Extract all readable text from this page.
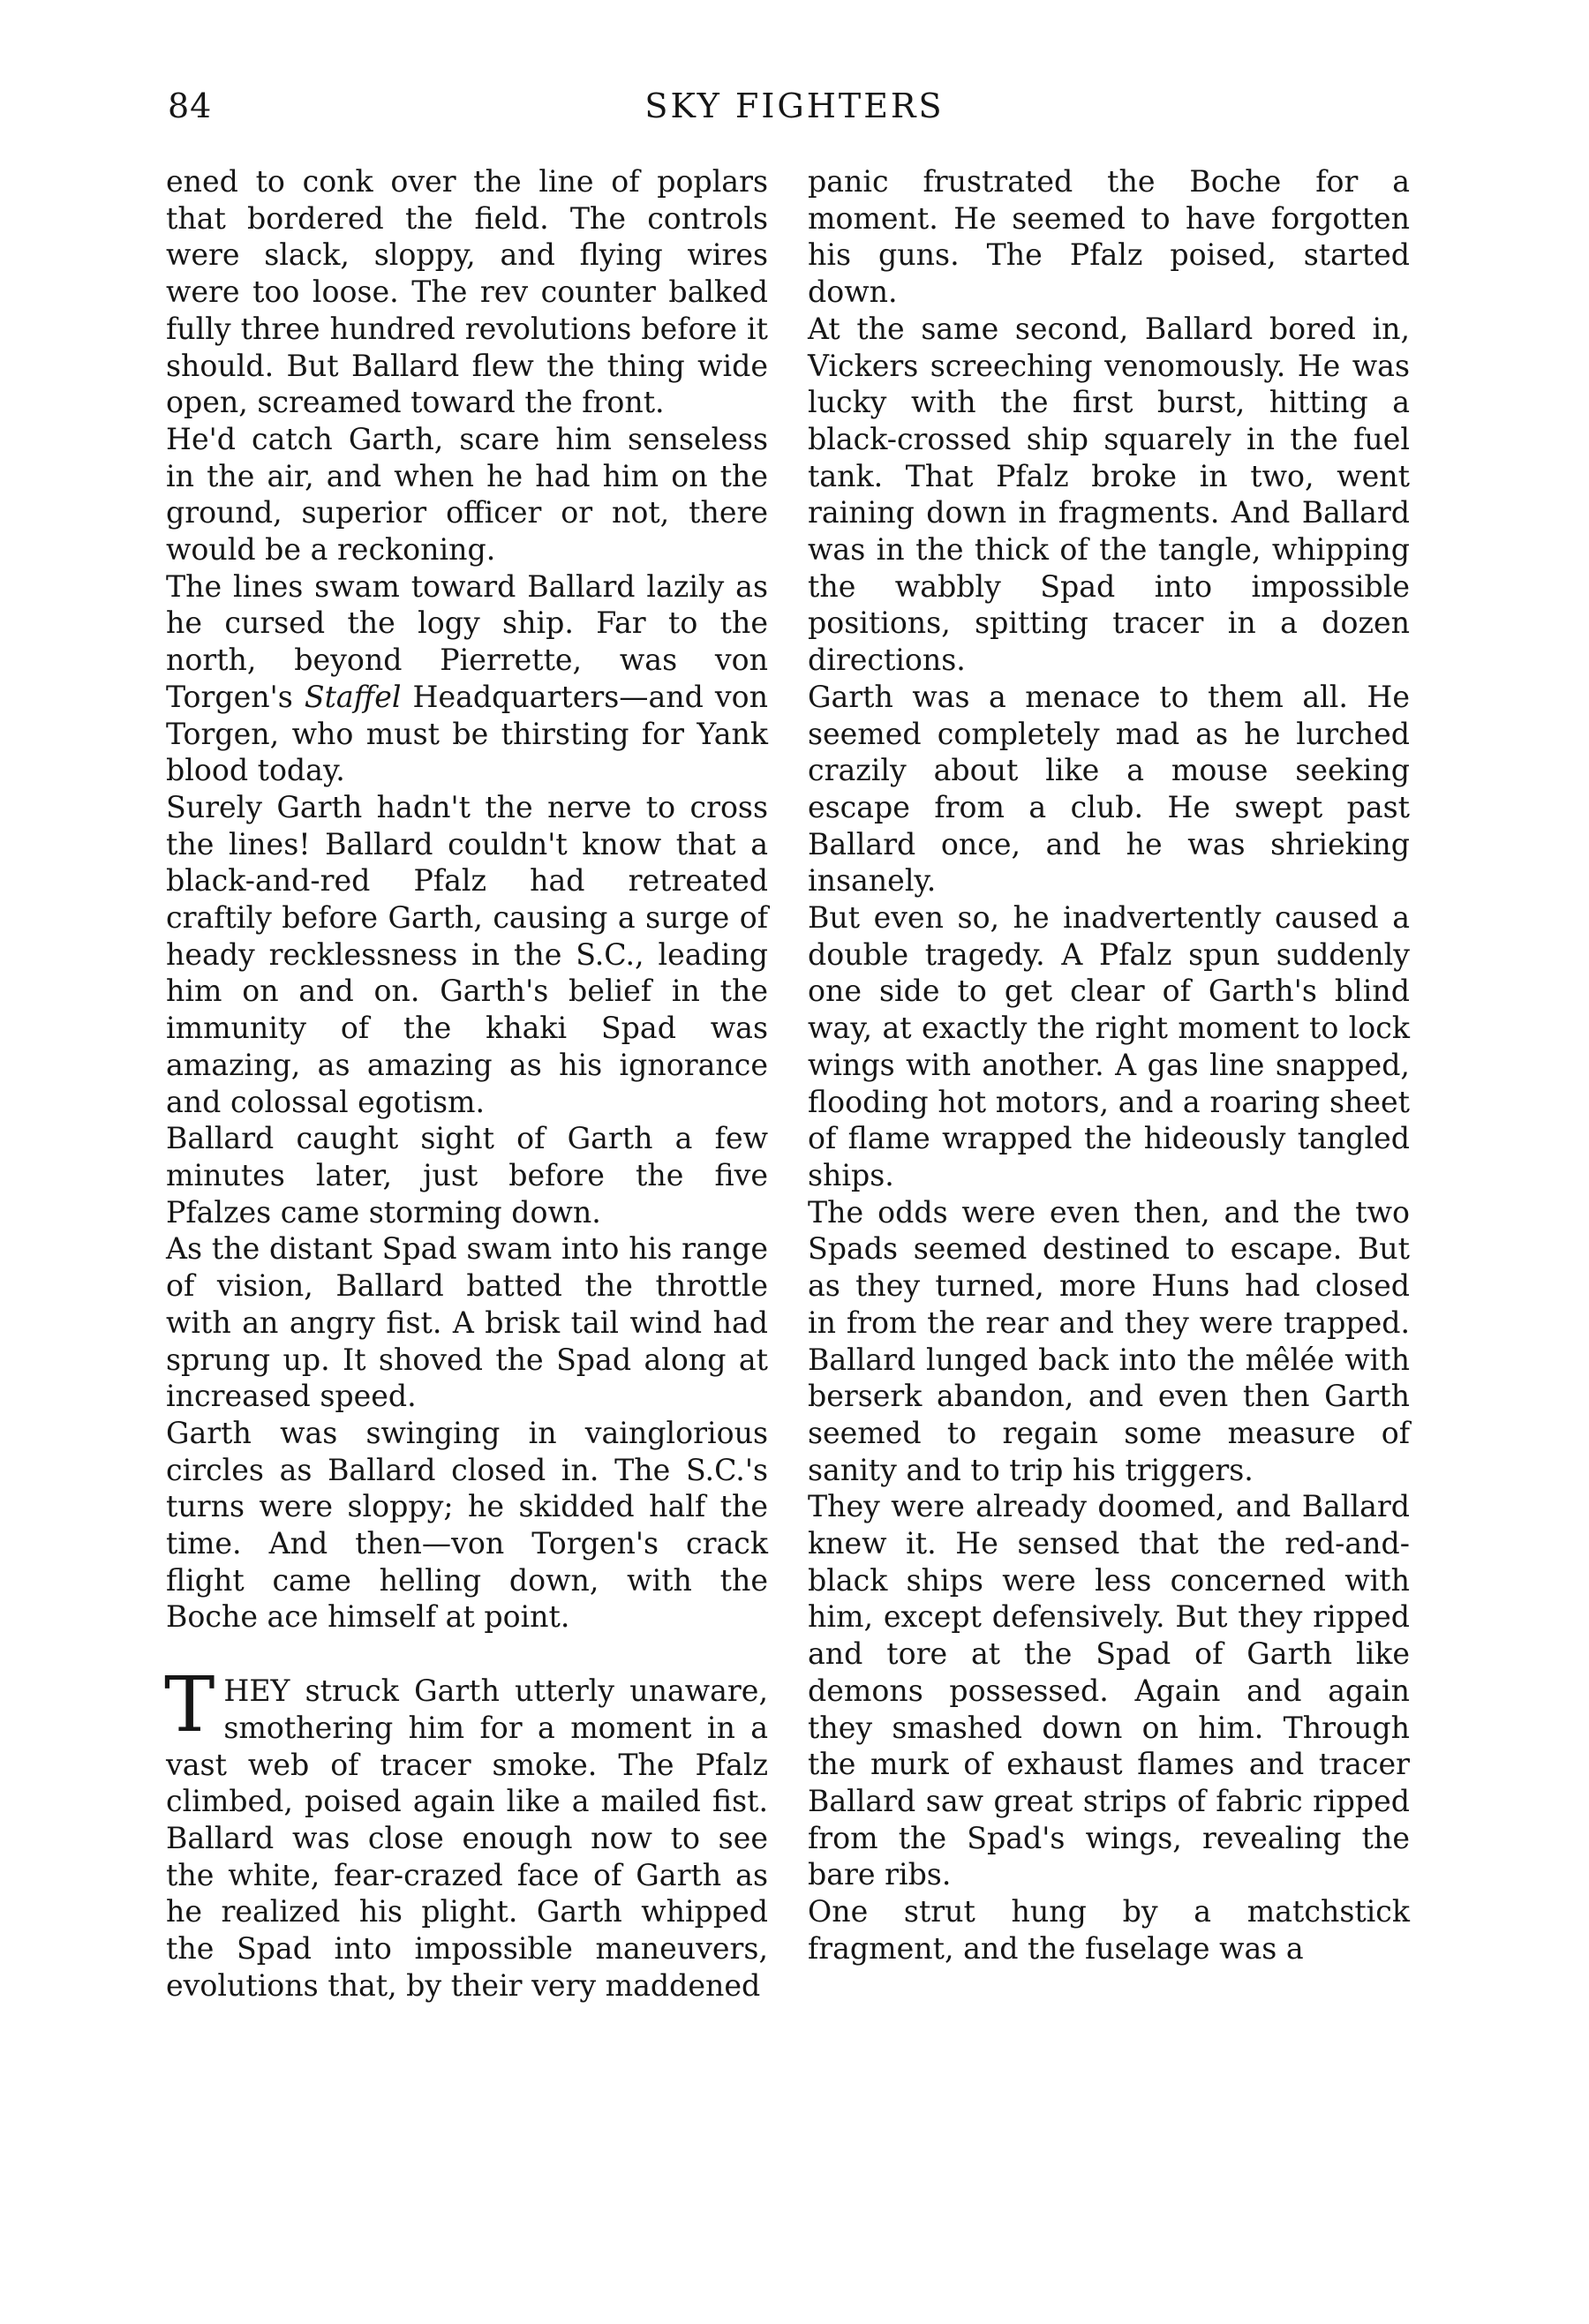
84	SKY FIGHTERS

ened to conk over the line of poplars that bordered the field. The controls were slack, sloppy, and flying wires were too loose. The rev counter balked fully three hundred revolutions before it should. But Ballard flew the thing wide open, screamed toward the front.

He'd catch Garth, scare him senseless in the air, and when he had him on the ground, superior officer or not, there would be a reckoning.

The lines swam toward Ballard lazily as he cursed the logy ship. Far to the north, beyond Pierrette, was von Torgen's Staffel Headquarters—and von Torgen, who must be thirsting for Yank blood today.

Surely Garth hadn't the nerve to cross the lines! Ballard couldn't know that a black-and-red Pfalz had retreated craftily before Garth, causing a surge of heady recklessness in the S.C., leading him on and on. Garth's belief in the immunity of the khaki Spad was amazing, as amazing as his ignorance and colossal egotism.

Ballard caught sight of Garth a few minutes later, just before the five Pfalzes came storming down.

As the distant Spad swam into his range of vision, Ballard batted the throttle with an angry fist. A brisk tail wind had sprung up. It shoved the Spad along at increased speed.

Garth was swinging in vainglorious circles as Ballard closed in. The S.C.'s turns were sloppy; he skidded half the time. And then—von Torgen's crack flight came helling down, with the Boche ace himself at point.

THEY struck Garth utterly unaware, smothering him for a moment in a vast web of tracer smoke. The Pfalz climbed, poised again like a mailed fist. Ballard was close enough now to see the white, fear-crazed face of Garth as he realized his plight. Garth whipped the Spad into impossible maneuvers, evolutions that, by their very maddened

panic frustrated the Boche for a moment. He seemed to have forgotten his guns. The Pfalz poised, started down.

At the same second, Ballard bored in, Vickers screeching venomously. He was lucky with the first burst, hitting a black-crossed ship squarely in the fuel tank. That Pfalz broke in two, went raining down in fragments. And Ballard was in the thick of the tangle, whipping the wabbly Spad into impossible positions, spitting tracer in a dozen directions.

Garth was a menace to them all. He seemed completely mad as he lurched crazily about like a mouse seeking escape from a club. He swept past Ballard once, and he was shrieking insanely.

But even so, he inadvertently caused a double tragedy. A Pfalz spun suddenly one side to get clear of Garth's blind way, at exactly the right moment to lock wings with another. A gas line snapped, flooding hot motors, and a roaring sheet of flame wrapped the hideously tangled ships.

The odds were even then, and the two Spads seemed destined to escape. But as they turned, more Huns had closed in from the rear and they were trapped. Ballard lunged back into the mêlée with berserk abandon, and even then Garth seemed to regain some measure of sanity and to trip his triggers.

They were already doomed, and Ballard knew it. He sensed that the red-and-black ships were less concerned with him, except defensively. But they ripped and tore at the Spad of Garth like demons possessed. Again and again they smashed down on him. Through the murk of exhaust flames and tracer Ballard saw great strips of fabric ripped from the Spad's wings, revealing the bare ribs.

One strut hung by a matchstick fragment, and the fuselage was a
